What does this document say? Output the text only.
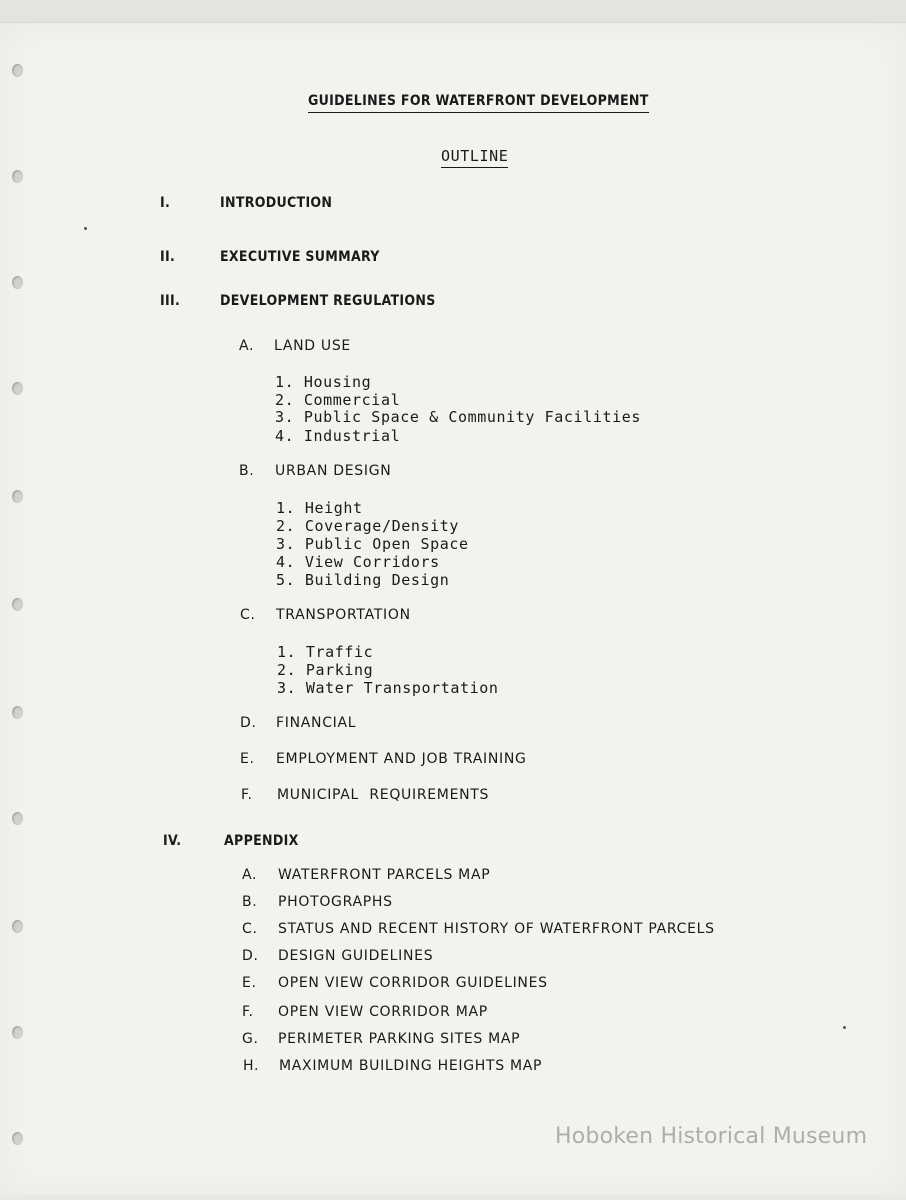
GUIDELINES FOR WATERFRONT DEVELOPMENT
OUTLINE
I.	INTRODUCTION
II.	EXECUTIVE SUMMARY
III.	DEVELOPMENT REGULATIONS
A. LAND USE
1. Housing
2. Commercial
3. Public Space & Community Facilities
4. Industrial
B. URBAN DESIGN
1. Height
2. Coverage/Density
3. Public Open Space
4. View Corridors
5. Building Design
C. TRANSPORTATION
1. Traffic
2. Parking
3. Water Transportation
D. FINANCIAL
E. EMPLOYMENT AND JOB TRAINING
F. MUNICIPAL  REQUIREMENTS
IV.	APPENDIX
A. WATERFRONT PARCELS MAP
B. PHOTOGRAPHS
C. STATUS AND RECENT HISTORY OF WATERFRONT PARCELS
D. DESIGN GUIDELINES
E. OPEN VIEW CORRIDOR GUIDELINES
F. OPEN VIEW CORRIDOR MAP
G. PERIMETER PARKING SITES MAP
H. MAXIMUM BUILDING HEIGHTS MAP
Hoboken Historical Museum
